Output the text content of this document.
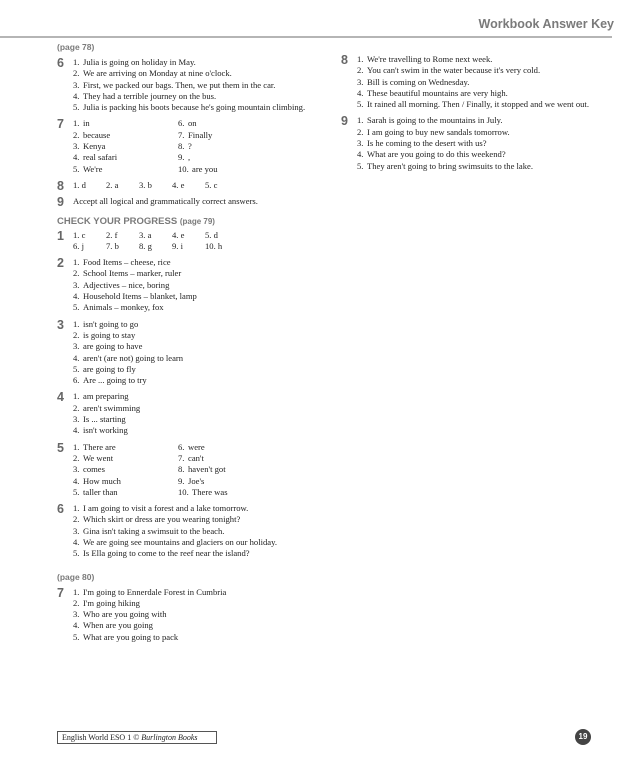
Workbook Answer Key
(page 78)
6 1. Julia is going on holiday in May.
2. We are arriving on Monday at nine o'clock.
3. First, we packed our bags. Then, we put them in the car.
4. They had a terrible journey on the bus.
5. Julia is packing his boots because he's going mountain climbing.
7 1. in	6. on
2. because	7. Finally
3. Kenya	8. ?
4. real safari	9. ,
5. We're	10. are you
8 1. d	2. a	3. b	4. e	5. c
9 Accept all logical and grammatically correct answers.
CHECK YOUR PROGRESS (page 79)
1 1. c	2. f	3. a	4. e	5. d
6. j	7. b	8. g	9. i	10. h
2 1. Food Items – cheese, rice
2. School Items – marker, ruler
3. Adjectives – nice, boring
4. Household Items – blanket, lamp
5. Animals – monkey, fox
3 1. isn't going to go
2. is going to stay
3. are going to have
4. aren't (are not) going to learn
5. are going to fly
6. Are ... going to try
4 1. am preparing
2. aren't swimming
3. Is ... starting
4. isn't working
5 1. There are	6. were
2. We went	7. can't
3. comes	8. haven't got
4. How much	9. Joe's
5. taller than	10. There was
6 1. I am going to visit a forest and a lake tomorrow.
2. Which skirt or dress are you wearing tonight?
3. Gina isn't taking a swimsuit to the beach.
4. We are going see mountains and glaciers on our holiday.
5. Is Ella going to come to the reef near the island?
(page 80)
7 1. I'm going to Ennerdale Forest in Cumbria
2. I'm going hiking
3. Who are you going with
4. When are you going
5. What are you going to pack
8 1. We're travelling to Rome next week.
2. You can't swim in the water because it's very cold.
3. Bill is coming on Wednesday.
4. These beautiful mountains are very high.
5. It rained all morning. Then / Finally, it stopped and we went out.
9 1. Sarah is going to the mountains in July.
2. I am going to buy new sandals tomorrow.
3. Is he coming to the desert with us?
4. What are you going to do this weekend?
5. They aren't going to bring swimsuits to the lake.
English World ESO 1 © Burlington Books	19
